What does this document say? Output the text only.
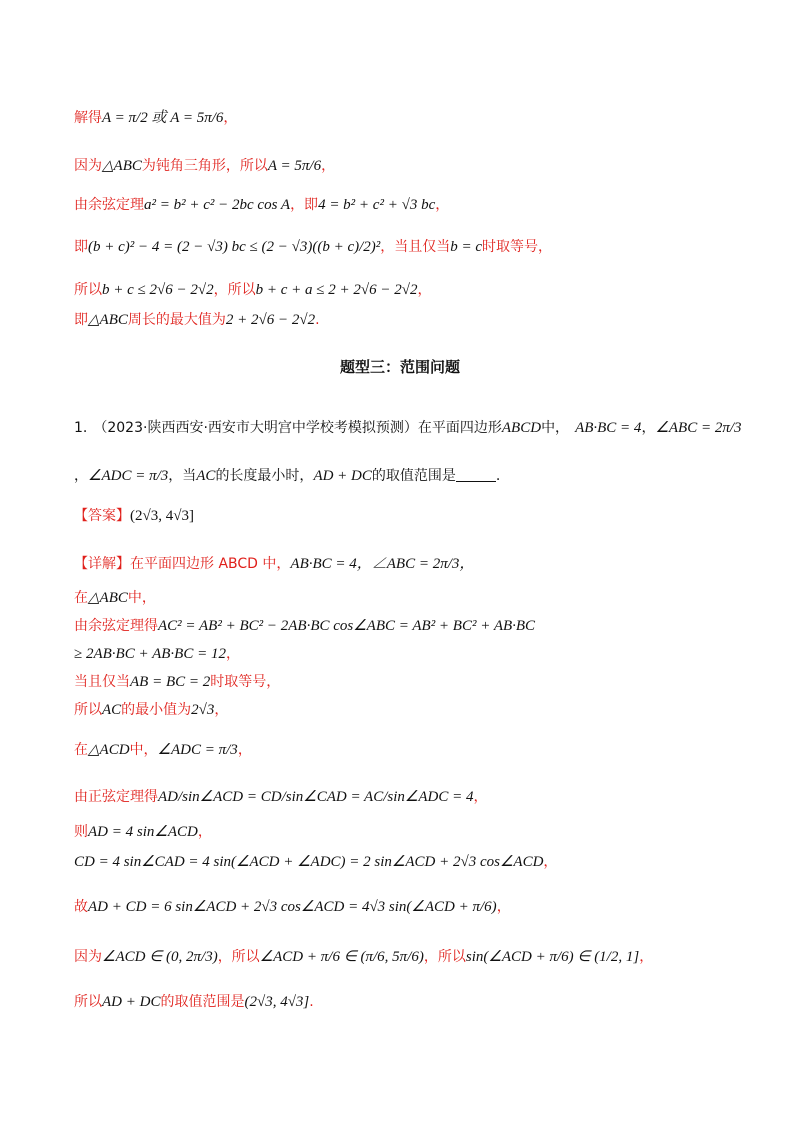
解得A = π/2 或 A = 5π/6，
因为△ABC为钝角三角形，所以A = 5π/6，
由余弦定理a² = b² + c² − 2bc cos A，即4 = b² + c² + √3 bc，
即(b + c)² − 4 = (2 − √3) bc ≤ (2 − √3)((b + c)/2)²，当且仅当b = c时取等号，
所以b + c ≤ 2√6 − 2√2，所以b + c + a ≤ 2 + 2√6 − 2√2，
即△ABC周长的最大值为2 + 2√6 − 2√2.
题型三：范围问题
1. （2023·陕西西安·西安市大明宫中学校考模拟预测）在平面四边形ABCD中， AB·BC = 4，∠ABC = 2π/3
，∠ADC = π/3，当AC的长度最小时，AD + DC的取值范围是	.
【答案】(2√3, 4√3]
【详解】在平面四边形 ABCD 中，AB·BC = 4，∠ABC = 2π/3，
在△ABC中，
由余弦定理得AC² = AB² + BC² − 2AB·BC cos∠ABC = AB² + BC² + AB·BC
≥ 2AB·BC + AB·BC = 12，
当且仅当AB = BC = 2时取等号，
所以AC的最小值为2√3，
在△ACD中，∠ADC = π/3，
由正弦定理得AD/sin∠ACD = CD/sin∠CAD = AC/sin∠ADC = 4，
则AD = 4 sin∠ACD，
CD = 4 sin∠CAD = 4 sin(∠ACD + ∠ADC) = 2 sin∠ACD + 2√3 cos∠ACD，
故AD + CD = 6 sin∠ACD + 2√3 cos∠ACD = 4√3 sin(∠ACD + π/6)，
因为∠ACD ∈ (0, 2π/3)，所以∠ACD + π/6 ∈ (π/6, 5π/6)，所以sin(∠ACD + π/6) ∈ (1/2, 1]，
所以AD + DC的取值范围是(2√3, 4√3].
